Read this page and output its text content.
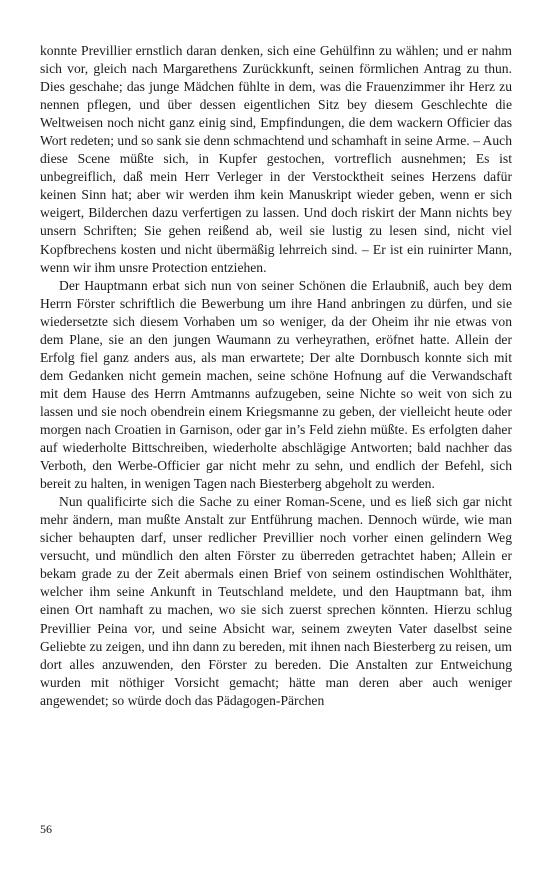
konnte Previllier ernstlich daran denken, sich eine Gehülfinn zu wählen; und er nahm sich vor, gleich nach Margarethens Zurückkunft, seinen förmlichen Antrag zu thun. Dies geschahe; das junge Mädchen fühlte in dem, was die Frauenzimmer ihr Herz zu nennen pflegen, und über dessen eigentlichen Sitz bey diesem Geschlechte die Weltweisen noch nicht ganz einig sind, Empfindungen, die dem wackern Officier das Wort redeten; und so sank sie denn schmachtend und schamhaft in seine Arme. – Auch diese Scene müßte sich, in Kupfer gestochen, vortreflich ausnehmen; Es ist unbegreiflich, daß mein Herr Verleger in der Verstocktheit seines Herzens dafür keinen Sinn hat; aber wir werden ihm kein Manuskript wieder geben, wenn er sich weigert, Bilderchen dazu verfertigen zu lassen. Und doch riskirt der Mann nichts bey unsern Schriften; Sie gehen reißend ab, weil sie lustig zu lesen sind, nicht viel Kopfbrechens kosten und nicht übermäßig lehrreich sind. – Er ist ein ruinirter Mann, wenn wir ihm unsre Protection entziehen.

Der Hauptmann erbat sich nun von seiner Schönen die Erlaubniß, auch bey dem Herrn Förster schriftlich die Bewerbung um ihre Hand anbringen zu dürfen, und sie wiedersetzte sich diesem Vorhaben um so weniger, da der Oheim ihr nie etwas von dem Plane, sie an den jungen Waumann zu verheyrathen, eröfnet hatte. Allein der Erfolg fiel ganz anders aus, als man erwartete; Der alte Dornbusch konnte sich mit dem Gedanken nicht gemein machen, seine schöne Hofnung auf die Verwandschaft mit dem Hause des Herrn Amtmanns aufzugeben, seine Nichte so weit von sich zu lassen und sie noch obendrein einem Kriegsmanne zu geben, der vielleicht heute oder morgen nach Croatien in Garnison, oder gar in’s Feld ziehn müßte. Es erfolgten daher auf wiederholte Bittschreiben, wiederholte abschlägige Antworten; bald nachher das Verboth, den Werbe-Officier gar nicht mehr zu sehn, und endlich der Befehl, sich bereit zu halten, in wenigen Tagen nach Biesterberg abgeholt zu werden.

Nun qualificirte sich die Sache zu einer Roman-Scene, und es ließ sich gar nicht mehr ändern, man mußte Anstalt zur Entführung machen. Dennoch würde, wie man sicher behaupten darf, unser redlicher Previllier noch vorher einen gelindern Weg versucht, und mündlich den alten Förster zu überreden getrachtet haben; Allein er bekam grade zu der Zeit abermals einen Brief von seinem ostindischen Wohlthäter, welcher ihm seine Ankunft in Teutschland meldete, und den Hauptmann bat, ihm einen Ort namhaft zu machen, wo sie sich zuerst sprechen könnten. Hierzu schlug Previllier Peina vor, und seine Absicht war, seinem zweyten Vater daselbst seine Geliebte zu zeigen, und ihn dann zu bereden, mit ihnen nach Biesterberg zu reisen, um dort alles anzuwenden, den Förster zu bereden. Die Anstalten zur Entweichung wurden mit nöthiger Vorsicht gemacht; hätte man deren aber auch weniger angewendet; so würde doch das Pädagogen-Pärchen

56
